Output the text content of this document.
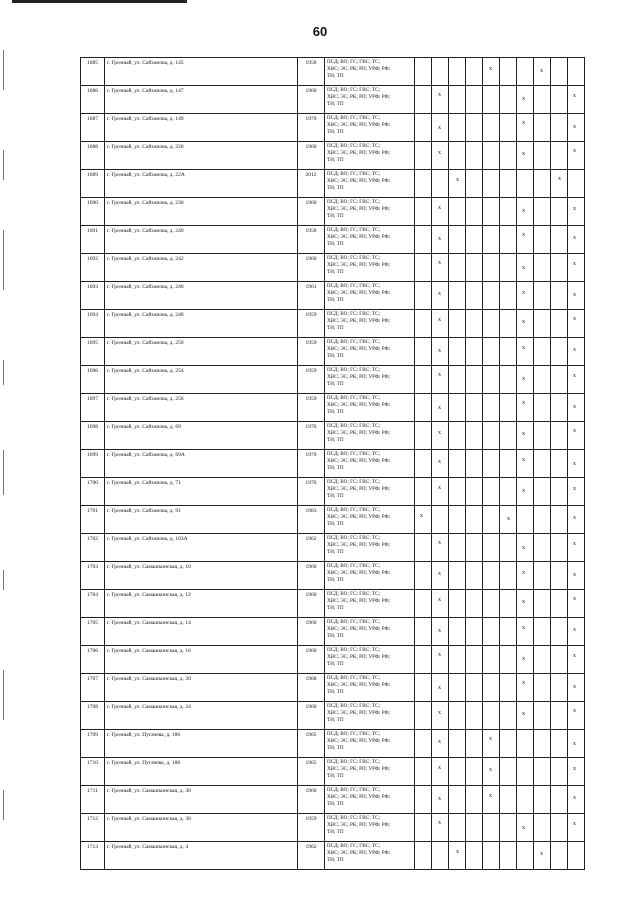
60
1685	г. Грозный, ул. Сайханова, д. 145	1958	ПСД; ВО; ГС; ГВС; ТС;
ХВС; ЭС; РК; РП; УРФ; РФ;
ТН; ТП					x			x		

1686	г. Грозный, ул. Сайханова, д. 147	1960	ПСД; ВО; ГС; ГВС; ТС;
ХВС; ЭС; РК; РП; УРФ; РФ;
ТН; ТП		x					x			x

1687	г. Грозный, ул. Сайханова, д. 149	1970	ПСД; ВО; ГС; ГВС; ТС;
ХВС; ЭС; РК; РП; УРФ; РФ;
ТН; ТП		x					x			x

1688	г. Грозный, ул. Сайханова, д. 226	1960	ПСД; ВО; ГС; ГВС; ТС;
ХВС; ЭС; РК; РП; УРФ; РФ;
ТН; ТП		x					x			x

1689	г. Грозный, ул. Сайханова, д. 22А	2012	ПСД; ВО; ГС; ГВС; ТС;
ХВС; ЭС; РК; РП; УРФ; РФ;
ТН; ТП			x						x	

1690	г. Грозный, ул. Сайханова, д. 236	1960	ПСД; ВО; ГС; ГВС; ТС;
ХВС; ЭС; РК; РП; УРФ; РФ;
ТН; ТП		x					x			x

1691	г. Грозный, ул. Сайханова, д. 240	1958	ПСД; ВО; ГС; ГВС; ТС;
ХВС; ЭС; РК; РП; УРФ; РФ;
ТН; ТП		x					x			x

1692	г. Грозный, ул. Сайханова, д. 242	1960	ПСД; ВО; ГС; ГВС; ТС;
ХВС; ЭС; РК; РП; УРФ; РФ;
ТН; ТП		x					x			x

1693	г. Грозный, ул. Сайханова, д. 246	1961	ПСД; ВО; ГС; ГВС; ТС;
ХВС; ЭС; РК; РП; УРФ; РФ;
ТН; ТП		x					x			x

1694	г. Грозный, ул. Сайханова, д. 248	1959	ПСД; ВО; ГС; ГВС; ТС;
ХВС; ЭС; РК; РП; УРФ; РФ;
ТН; ТП		x					x			x

1695	г. Грозный, ул. Сайханова, д. 250	1959	ПСД; ВО; ГС; ГВС; ТС;
ХВС; ЭС; РК; РП; УРФ; РФ;
ТН; ТП		x					x			x

1696	г. Грозный, ул. Сайханова, д. 254	1959	ПСД; ВО; ГС; ГВС; ТС;
ХВС; ЭС; РК; РП; УРФ; РФ;
ТН; ТП		x					x			x

1697	г. Грозный, ул. Сайханова, д. 256	1959	ПСД; ВО; ГС; ГВС; ТС;
ХВС; ЭС; РК; РП; УРФ; РФ;
ТН; ТП		x					x			x

1698	г. Грозный, ул. Сайханова, д. 69	1970	ПСД; ВО; ГС; ГВС; ТС;
ХВС; ЭС; РК; РП; УРФ; РФ;
ТН; ТП		x					x			x

1699	г. Грозный, ул. Сайханова, д. 69А	1970	ПСД; ВО; ГС; ГВС; ТС;
ХВС; ЭС; РК; РП; УРФ; РФ;
ТН; ТП		x					x			x

1700	г. Грозный, ул. Сайханова, д. 71	1970	ПСД; ВО; ГС; ГВС; ТС;
ХВС; ЭС; РК; РП; УРФ; РФ;
ТН; ТП		x					x			x

1701	г. Грозный, ул. Сайханова, д. 91	1983	ПСД; ВО; ГС; ГВС; ТС;
ХВС; ЭС; РК; РП; УРФ; РФ;
ТН; ТП	x					x				x

1702	г. Грозный, ул. Сайханова, д. 103А	1962	ПСД; ВО; ГС; ГВС; ТС;
ХВС; ЭС; РК; РП; УРФ; РФ;
ТН; ТП		x					x			x

1703	г. Грозный, ул. Самашкинская, д. 10	1960	ПСД; ВО; ГС; ГВС; ТС;
ХВС; ЭС; РК; РП; УРФ; РФ;
ТН; ТП		x					x			x

1704	г. Грозный, ул. Самашкинская, д. 12	1960	ПСД; ВО; ГС; ГВС; ТС;
ХВС; ЭС; РК; РП; УРФ; РФ;
ТН; ТП		x					x			x

1705	г. Грозный, ул. Самашкинская, д. 14	1960	ПСД; ВО; ГС; ГВС; ТС;
ХВС; ЭС; РК; РП; УРФ; РФ;
ТН; ТП		x					x			x

1706	г. Грозный, ул. Самашкинская, д. 16	1960	ПСД; ВО; ГС; ГВС; ТС;
ХВС; ЭС; РК; РП; УРФ; РФ;
ТН; ТП		x					x			x

1707	г. Грозный, ул. Самашкинская, д. 20	1968	ПСД; ВО; ГС; ГВС; ТС;
ХВС; ЭС; РК; РП; УРФ; РФ;
ТН; ТП		x					x			x

1708	г. Грозный, ул. Самашкинская, д. 24	1960	ПСД; ВО; ГС; ГВС; ТС;
ХВС; ЭС; РК; РП; УРФ; РФ;
ТН; ТП		x					x			x

1709	г. Грозный, ул. Пугачева, д. 186	1965	ПСД; ВО; ГС; ГВС; ТС;
ХВС; ЭС; РК; РП; УРФ; РФ;
ТН; ТП		x			x					x

1710	г. Грозный, ул. Пугачева, д. 188	1965	ПСД; ВО; ГС; ГВС; ТС;
ХВС; ЭС; РК; РП; УРФ; РФ;
ТН; ТП		x			x					x

1711	г. Грозный, ул. Самашкинская, д. 30	1960	ПСД; ВО; ГС; ГВС; ТС;
ХВС; ЭС; РК; РП; УРФ; РФ;
ТН; ТП		x			x					x

1712	г. Грозный, ул. Самашкинская, д. 38	1959	ПСД; ВО; ГС; ГВС; ТС;
ХВС; ЭС; РК; РП; УРФ; РФ;
ТН; ТП		x					x			x

1713	г. Грозный, ул. Самашкинская, д. 4	1962	ПСД; ВО; ГС; ГВС; ТС;
ХВС; ЭС; РК; РП; УРФ; РФ;
ТН; ТП			x					x		
